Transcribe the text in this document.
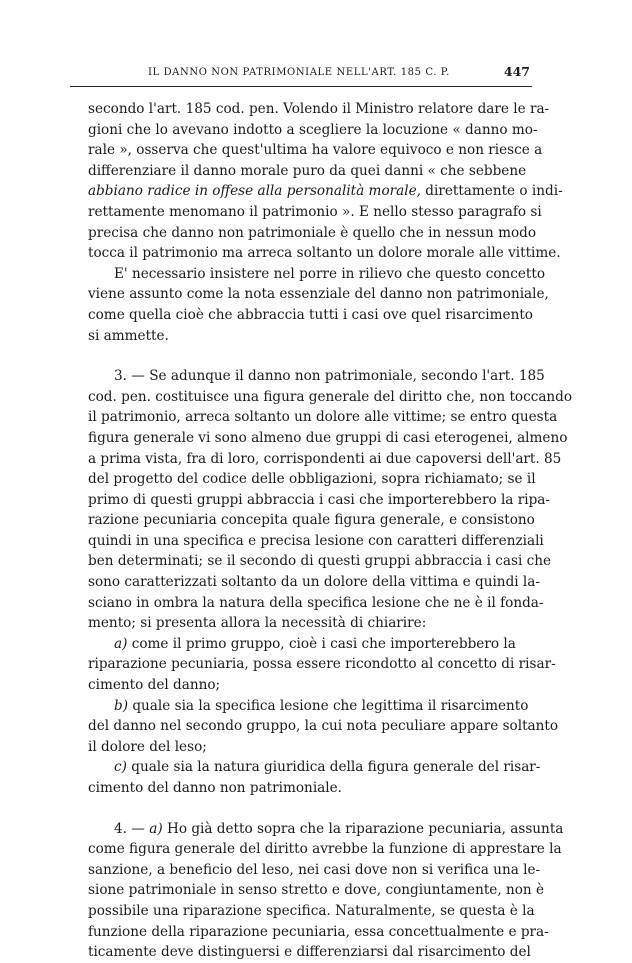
IL DANNO NON PATRIMONIALE NELL'ART. 185 C. P.	447
secondo l'art. 185 cod. pen. Volendo il Ministro relatore dare le ra-
gioni che lo avevano indotto a scegliere la locuzione « danno mo-
rale », osserva che quest'ultima ha valore equivoco e non riesce a
differenziare il danno morale puro da quei danni « che sebbene
abbiano radice in offese alla personalità morale, direttamente o indi-
rettamente menomano il patrimonio ». E nello stesso paragrafo si
precisa che danno non patrimoniale è quello che in nessun modo
tocca il patrimonio ma arreca soltanto un dolore morale alle vittime.
E' necessario insistere nel porre in rilievo che questo concetto
viene assunto come la nota essenziale del danno non patrimoniale,
come quella cioè che abbraccia tutti i casi ove quel risarcimento
si ammette.
3. — Se adunque il danno non patrimoniale, secondo l'art. 185
cod. pen. costituisce una figura generale del diritto che, non toccando
il patrimonio, arreca soltanto un dolore alle vittime; se entro questa
figura generale vi sono almeno due gruppi di casi eterogenei, almeno
a prima vista, fra di loro, corrispondenti ai due capoversi dell'art. 85
del progetto del codice delle obbligazioni, sopra richiamato; se il
primo di questi gruppi abbraccia i casi che importerebbero la ripa-
razione pecuniaria concepita quale figura generale, e consistono
quindi in una specifica e precisa lesione con caratteri differenziali
ben determinati; se il secondo di questi gruppi abbraccia i casi che
sono caratterizzati soltanto da un dolore della vittima e quindi la-
sciano in ombra la natura della specifica lesione che ne è il fonda-
mento; si presenta allora la necessità di chiarire:
a) come il primo gruppo, cioè i casi che importerebbero la
riparazione pecuniaria, possa essere ricondotto al concetto di risar-
cimento del danno;
b) quale sia la specifica lesione che legittima il risarcimento
del danno nel secondo gruppo, la cui nota peculiare appare soltanto
il dolore del leso;
c) quale sia la natura giuridica della figura generale del risar-
cimento del danno non patrimoniale.
4. — a) Ho già detto sopra che la riparazione pecuniaria, assunta
come figura generale del diritto avrebbe la funzione di apprestare la
sanzione, a beneficio del leso, nei casi dove non si verifica una le-
sione patrimoniale in senso stretto e dove, congiuntamente, non è
possibile una riparazione specifica. Naturalmente, se questa è la
funzione della riparazione pecuniaria, essa concettualmente e pra-
ticamente deve distinguersi e differenziarsi dal risarcimento del
